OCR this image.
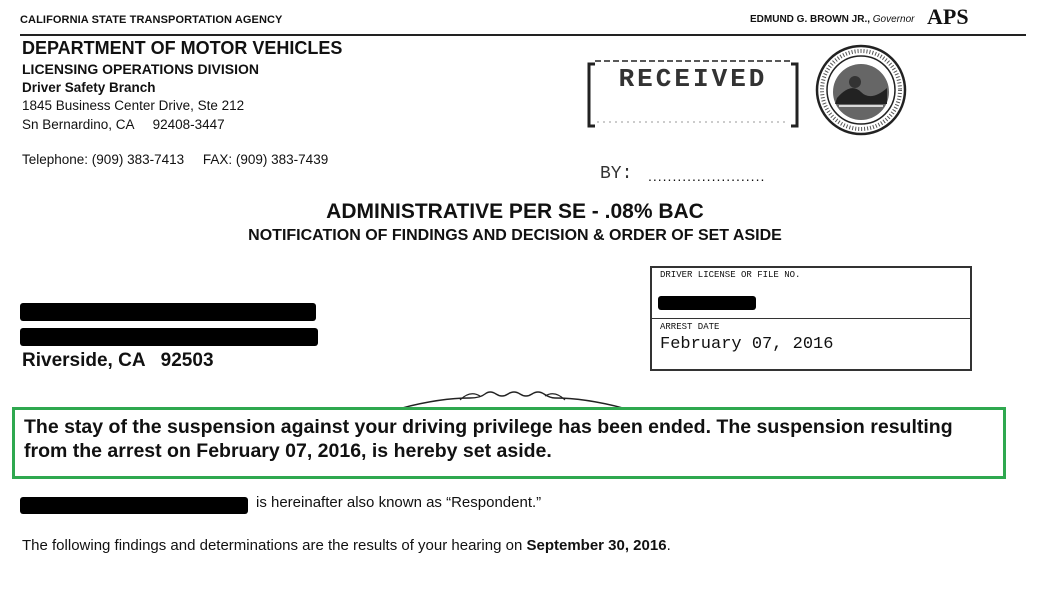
CALIFORNIA STATE TRANSPORTATION AGENCY	EDMUND G. BROWN JR., Governor APS
DEPARTMENT OF MOTOR VEHICLES
LICENSING OPERATIONS DIVISION
Driver Safety Branch
1845 Business Center Drive, Ste 212
Sn Bernardino, CA     92408-3447
Telephone: (909) 383-7413     FAX: (909) 383-7439
RECEIVED
BY: ........................
ADMINISTRATIVE PER SE - .08% BAC
NOTIFICATION OF FINDINGS AND DECISION & ORDER OF SET ASIDE
Riverside, CA   92503
DRIVER LICENSE OR FILE NO.
ARREST DATE
February 07, 2016
The stay of the suspension against your driving privilege has been ended. The suspension resulting from the arrest on February 07, 2016, is hereby set aside.
is hereinafter also known as “Respondent.”
The following findings and determinations are the results of your hearing on September 30, 2016.
